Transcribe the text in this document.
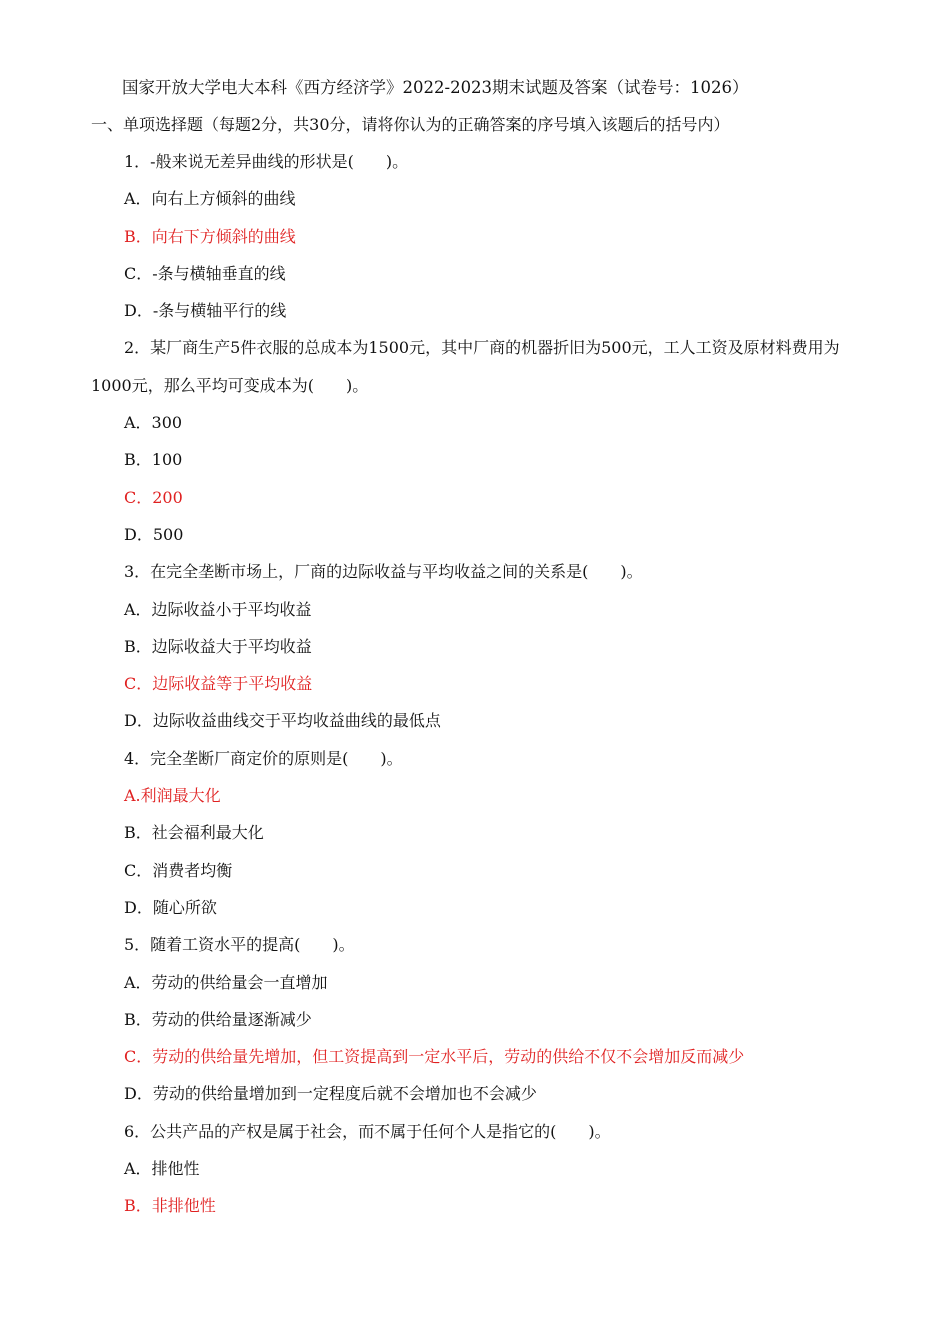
国家开放大学电大本科《西方经济学》2022-2023期末试题及答案（试卷号：1026）
一、单项选择题（每题2分，共30分，请将你认为的正确答案的序号填入该题后的括号内）
1．-般来说无差异曲线的形状是(　　)。
A．向右上方倾斜的曲线
B．向右下方倾斜的曲线
C．-条与横轴垂直的线
D．-条与横轴平行的线
2．某厂商生产5件衣服的总成本为1500元，其中厂商的机器折旧为500元，工人工资及原材料费用为1000元，那么平均可变成本为(　　)。
A．300
B．100
C．200
D．500
3．在完全垄断市场上，厂商的边际收益与平均收益之间的关系是(　　)。
A．边际收益小于平均收益
B．边际收益大于平均收益
C．边际收益等于平均收益
D．边际收益曲线交于平均收益曲线的最低点
4．完全垄断厂商定价的原则是(　　)。
A.利润最大化
B．社会福利最大化
C．消费者均衡
D．随心所欲
5．随着工资水平的提高(　　)。
A．劳动的供给量会一直增加
B．劳动的供给量逐渐减少
C．劳动的供给量先增加，但工资提高到一定水平后，劳动的供给不仅不会增加反而减少
D．劳动的供给量增加到一定程度后就不会增加也不会减少
6．公共产品的产权是属于社会，而不属于任何个人是指它的(　　)。
A．排他性
B．非排他性
